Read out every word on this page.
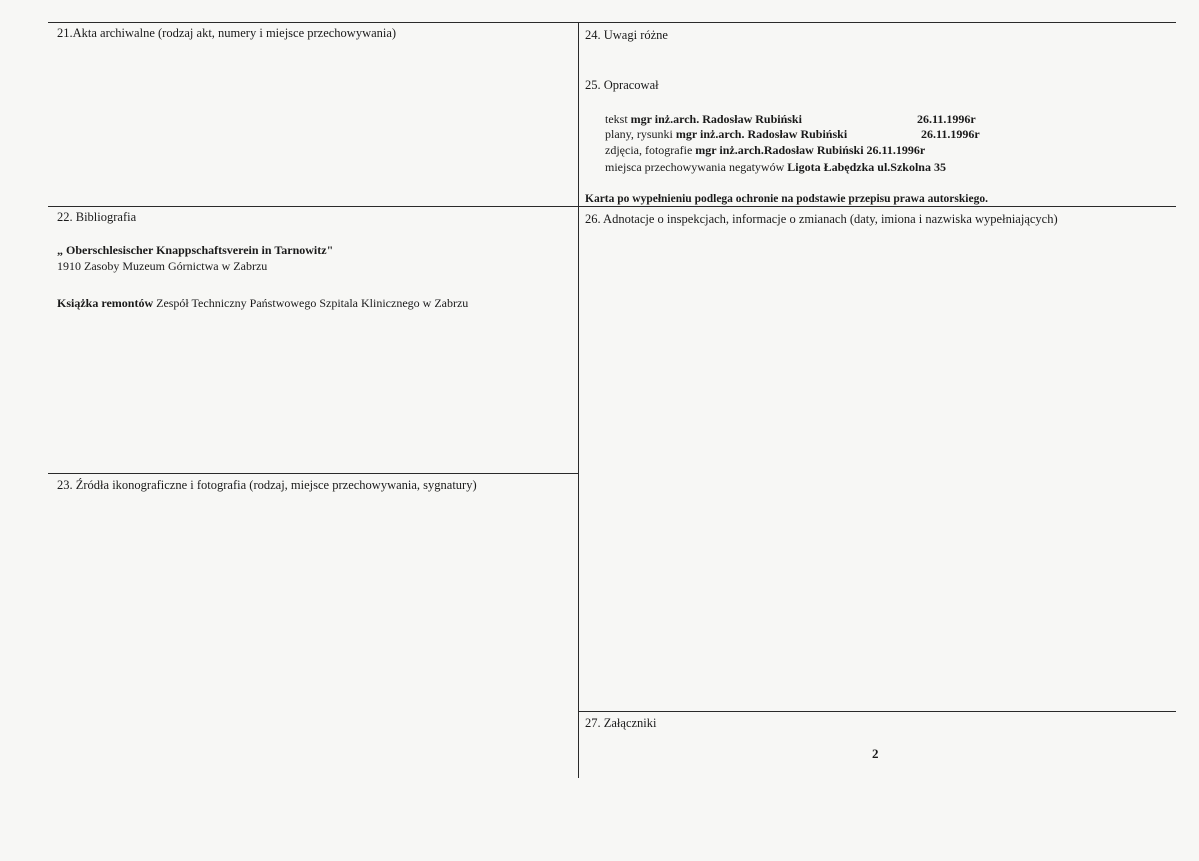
21.Akta archiwalne (rodzaj akt, numery i miejsce przechowywania)
22. Bibliografia
„ Oberschlesischer Knappschaftsverein in Tarnowitz"
1910 Zasoby Muzeum Górnictwa w Zabrzu
Książka remontów Zespół Techniczny Państwowego Szpitala Klinicznego w Zabrzu
23. Źródła ikonograficzne i fotografia (rodzaj, miejsce przechowywania, sygnatury)
24. Uwagi różne
25. Opracował
tekst mgr inż.arch. Radosław Rubiński	26.11.1996r
plany, rysunki mgr inż.arch. Radosław Rubiński	26.11.1996r
zdjęcia, fotografie mgr inż.arch.Radosław Rubiński 26.11.1996r
miejsca przechowywania negatywów Ligota Łabędzka ul.Szkolna 35
Karta po wypełnieniu podlega ochronie na podstawie przepisu prawa autorskiego.
26. Adnotacje o inspekcjach, informacje o zmianach (daty, imiona i nazwiska wypełniających)
27. Załączniki
2
